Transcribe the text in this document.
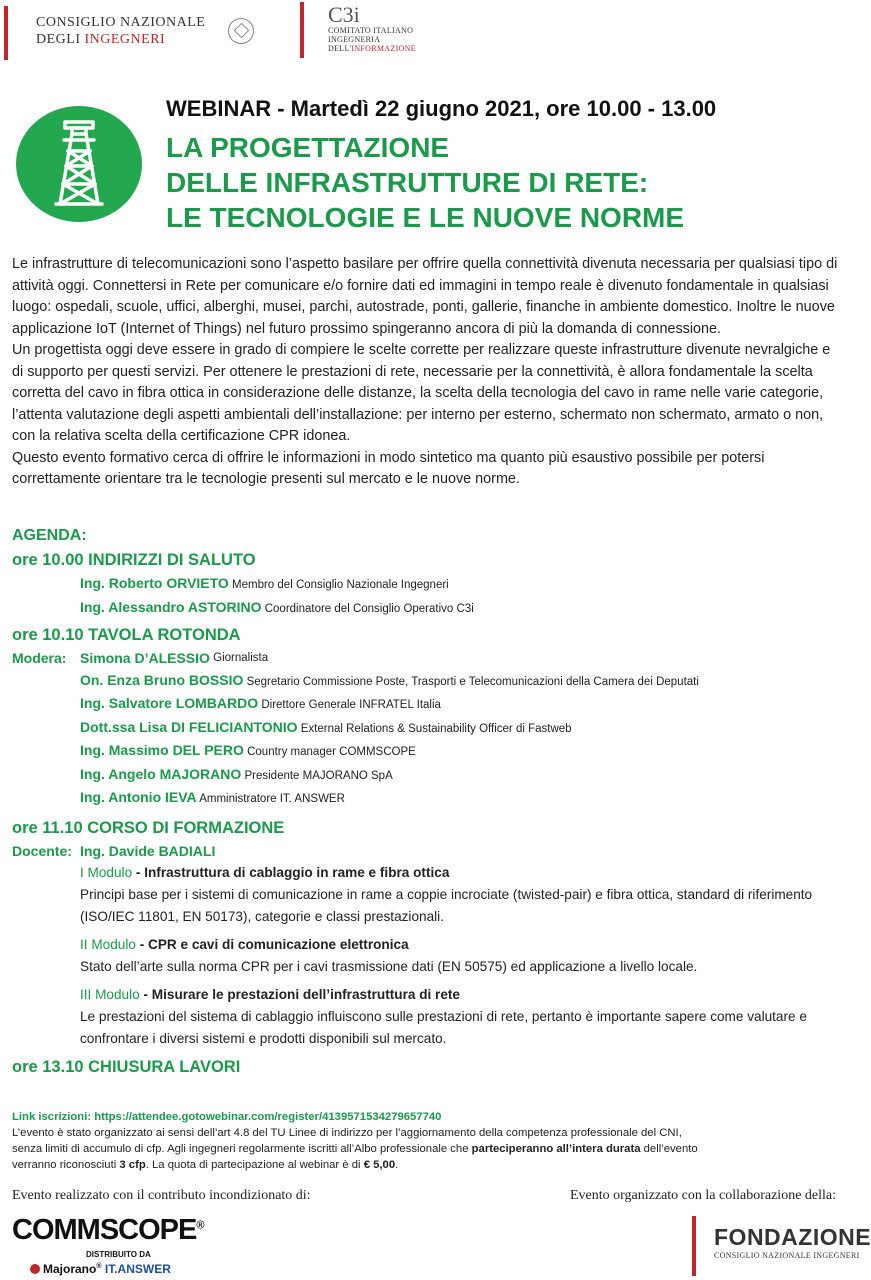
CONSIGLIO NAZIONALE
DEGLI INGEGNERI
C3i
COMITATO ITALIANO
INGEGNERIA
DELL'INFORMAZIONE
WEBINAR - Martedì 22 giugno 2021, ore 10.00 - 13.00
LA PROGETTAZIONE
DELLE INFRASTRUTTURE DI RETE:
LE TECNOLOGIE E LE NUOVE NORME

Le infrastrutture di telecomunicazioni sono l’aspetto basilare per offrire quella connettività divenuta necessaria per qualsiasi tipo di attività oggi. Connettersi in Rete per comunicare e/o fornire dati ed immagini in tempo reale è divenuto fondamentale in qualsiasi luogo: ospedali, scuole, uffici, alberghi, musei, parchi, autostrade, ponti, gallerie, finanche in ambiente domestico. Inoltre le nuove applicazione IoT (Internet of Things) nel futuro prossimo spingeranno ancora di più la domanda di connessione.

Un progettista oggi deve essere in grado di compiere le scelte corrette per realizzare queste infrastrutture divenute nevralgiche e di supporto per questi servizi. Per ottenere le prestazioni di rete, necessarie per la connettività, è allora fondamentale la scelta corretta del cavo in fibra ottica in considerazione delle distanze, la scelta della tecnologia del cavo in rame nelle varie categorie, l’attenta valutazione degli aspetti ambientali dell’installazione: per interno per esterno, schermato non schermato, armato o non, con la relativa scelta della certificazione CPR idonea.

Questo evento formativo cerca di offrire le informazioni in modo sintetico ma quanto più esaustivo possibile per potersi correttamente orientare tra le tecnologie presenti sul mercato e le nuove norme.

AGENDA:
ore 10.00 INDIRIZZI DI SALUTO
Ing. Roberto ORVIETO Membro del Consiglio Nazionale Ingegneri
Ing. Alessandro ASTORINO Coordinatore del Consiglio Operativo C3i
ore 10.10 TAVOLA ROTONDA
Modera: Simona D’ALESSIO
Giornalista
On. Enza Bruno BOSSIO Segretario Commissione Poste, Trasporti e Telecomunicazioni della Camera dei Deputati
Ing. Salvatore LOMBARDO Direttore Generale INFRATEL Italia
Dott.ssa Lisa DI FELICIANTONIO External Relations & Sustainability Officer di Fastweb
Ing. Massimo DEL PERO Country manager COMMSCOPE
Ing. Angelo MAJORANO Presidente MAJORANO SpA
Ing. Antonio IEVA Amministratore IT. ANSWER
ore 11.10 CORSO DI FORMAZIONE
Docente: Ing. Davide BADIALI
I Modulo - Infrastruttura di cablaggio in rame e fibra ottica
Principi base per i sistemi di comunicazione in rame a coppie incrociate (twisted-pair) e fibra ottica, standard di riferimento (ISO/IEC 11801, EN 50173), categorie e classi prestazionali.
II Modulo - CPR e cavi di comunicazione elettronica
Stato dell’arte sulla norma CPR per i cavi trasmissione dati (EN 50575) ed applicazione a livello locale.
III Modulo - Misurare le prestazioni dell’infrastruttura di rete
Le prestazioni del sistema di cablaggio influiscono sulle prestazioni di rete, pertanto è importante sapere come valutare e confrontare i diversi sistemi e prodotti disponibili sul mercato.
ore 13.10 CHIUSURA LAVORI
Link iscrizioni: https://attendee.gotowebinar.com/register/4139571534279657740
L’evento è stato organizzato ai sensi dell’art 4.8 del TU Linee di indirizzo per l’aggiornamento della competenza professionale del CNI,
senza limiti di accumulo di cfp. Agli ingegneri regolarmente iscritti all’Albo professionale che parteciperanno all’intera durata dell’evento
verranno riconosciuti 3 cfp. La quota di partecipazione al webinar è di € 5,00.
Evento realizzato con il contributo incondizionato di:	Evento organizzato con la collaborazione della:
COMMSCOPE®
DISTRIBUITO DA
Majorano® IT.ANSWER
FONDAZIONE
CONSIGLIO NAZIONALE INGEGNERI
